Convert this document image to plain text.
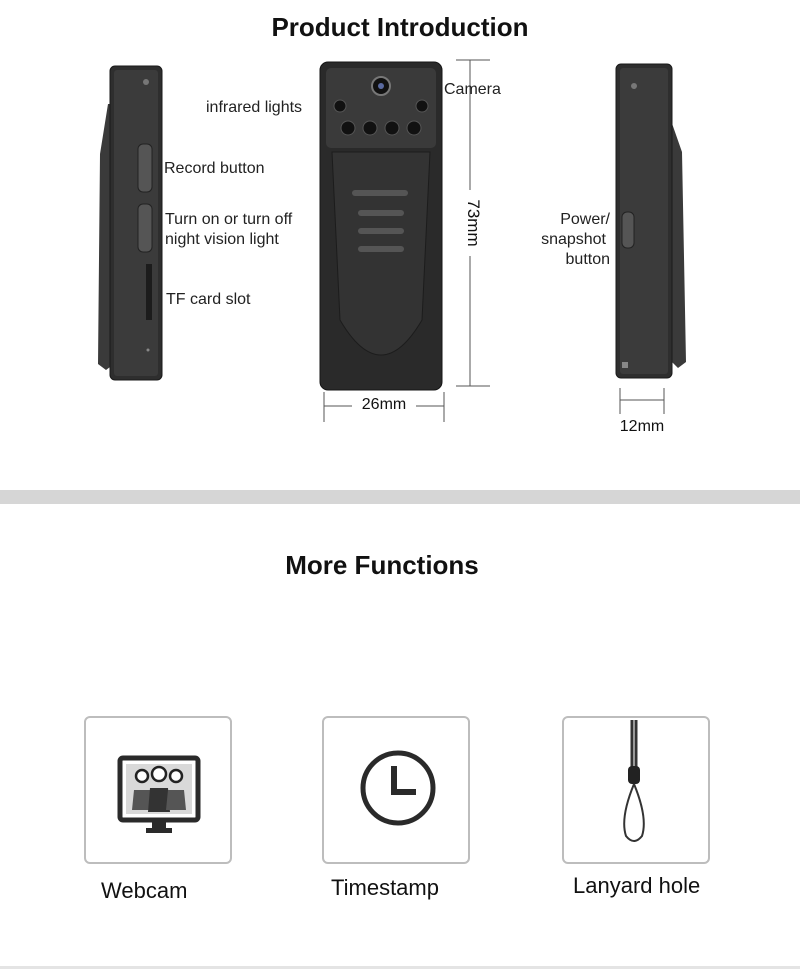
Product Introduction
73mm
26mm
12mm
infrared lights
Camera
Record button
Turn on or turn off
night vision light
TF card slot
Power/
snapshot
button
More Functions
Webcam	Timestamp	Lanyard hole
